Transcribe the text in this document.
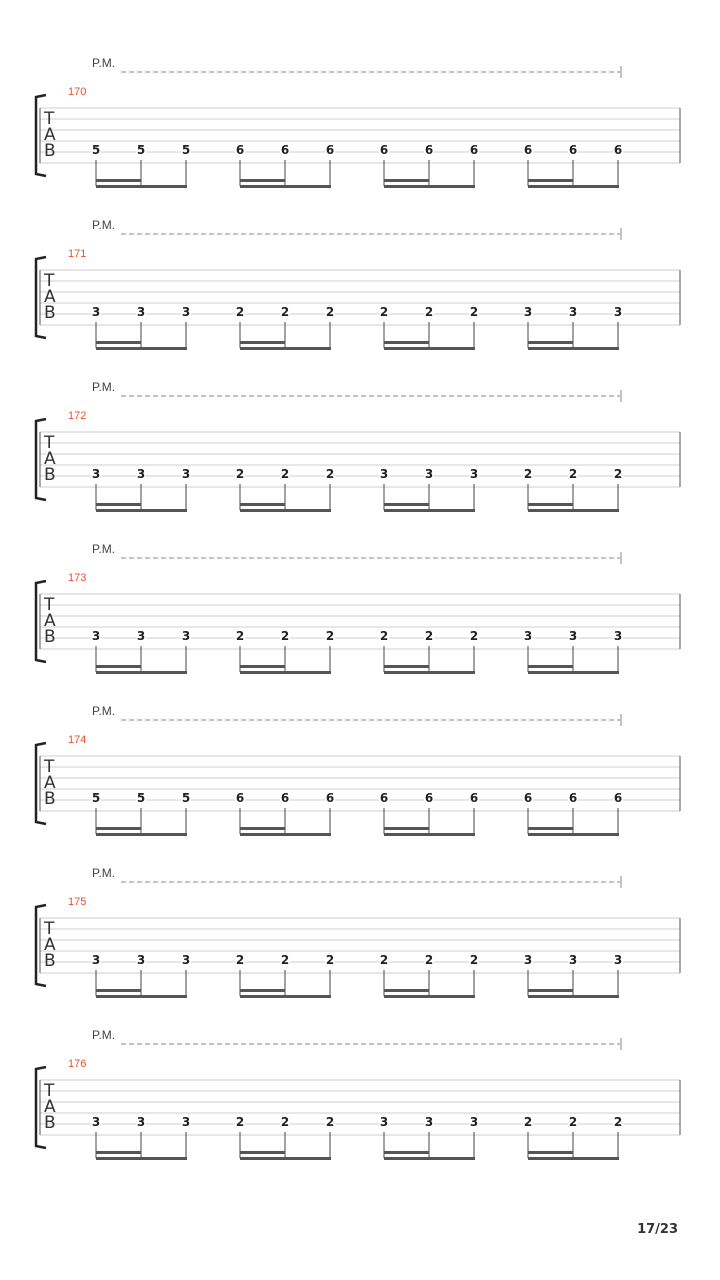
P.M.
170
T
A
B	5	5	5	6	6	6	6	6	6	6	6	6
P.M.
171
T
A
B	3	3	3	2	2	2	2	2	2	3	3	3
P.M.
172
T
A
B	3	3	3	2	2	2	3	3	3	2	2	2
P.M.
173
T
A
B	3	3	3	2	2	2	2	2	2	3	3	3
P.M.
174
T
A
B	5	5	5	6	6	6	6	6	6	6	6	6
P.M.
175
T
A
B	3	3	3	2	2	2	2	2	2	3	3	3
P.M.
176
T
A
B	3	3	3	2	2	2	3	3	3	2	2	2
17/23
